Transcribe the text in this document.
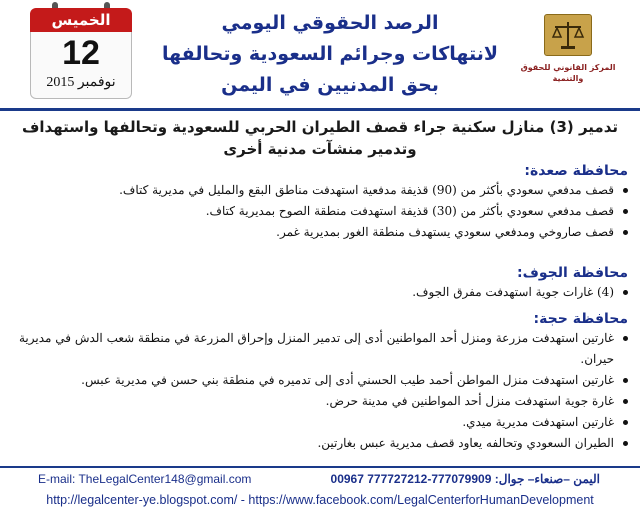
الخميس
12
نوفمبر 2015
الرصد الحقوقي اليومي
لانتهاكات وجرائم السعودية وتحالفها
بحق المدنيين في اليمن
المركز القانوني للحقوق والتنمية
تدمير (3) منازل سكنية جراء قصف الطيران الحربي للسعودية وتحالفها واستهداف وتدمير منشآت مدنية أخرى
محافظة صعدة:
قصف مدفعي سعودي بأكثر من (90) قذيفة مدفعية استهدفت مناطق البقع والمليل في مديرية كتاف.
قصف مدفعي سعودي بأكثر من (30) قذيفة استهدفت منطقة الصوح بمديرية كتاف.
قصف صاروخي ومدفعي سعودي يستهدف منطقة الغور بمديرية غمر.
محافظة الجوف:
(4) غارات جوية استهدفت مفرق الجوف.
محافظة حجة:
غارتين استهدفت مزرعة ومنزل أحد المواطنين أدى إلى تدمير المنزل وإحراق المزرعة في منطقة شعب الدش في مديرية حيران.
غارتين استهدفت منزل المواطن أحمد طيب الحسني أدى إلى تدميره في منطقة بني حسن في مديرية عبس.
غارة جوية استهدفت منزل أحد المواطنين في مدينة حرض.
غارتين استهدفت مديرية ميدي.
الطيران السعودي وتحالفه يعاود قصف مديرية عبس بغارتين.
E-mail: TheLegalCenter148@gmail.com	اليمن –صنعاء– جوال: 777079909-777727212 00967
http://legalcenter-ye.blogspot.com/ - https://www.facebook.com/LegalCenterforHumanDevelopment
